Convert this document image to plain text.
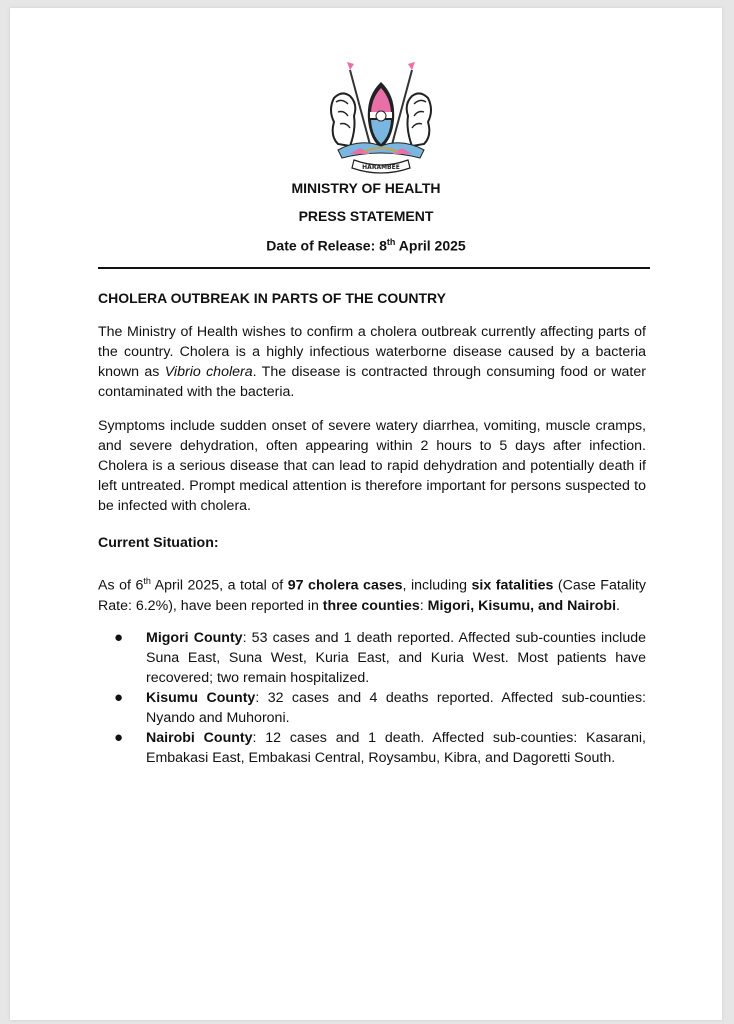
HARAMBEE
MINISTRY OF HEALTH
PRESS STATEMENT
Date of Release: 8th April 2025
CHOLERA OUTBREAK IN PARTS OF THE COUNTRY
The Ministry of Health wishes to confirm a cholera outbreak currently affecting parts of the country. Cholera is a highly infectious waterborne disease caused by a bacteria known as Vibrio cholera. The disease is contracted through consuming food or water contaminated with the bacteria.
Symptoms include sudden onset of severe watery diarrhea, vomiting, muscle cramps, and severe dehydration, often appearing within 2 hours to 5 days after infection. Cholera is a serious disease that can lead to rapid dehydration and potentially death if left untreated. Prompt medical attention is therefore important for persons suspected to be infected with cholera.
Current Situation:
As of 6th April 2025, a total of 97 cholera cases, including six fatalities (Case Fatality Rate: 6.2%), have been reported in three counties: Migori, Kisumu, and Nairobi.
● Migori County: 53 cases and 1 death reported. Affected sub-counties include Suna East, Suna West, Kuria East, and Kuria West. Most patients have recovered; two remain hospitalized.
● Kisumu County: 32 cases and 4 deaths reported. Affected sub-counties: Nyando and Muhoroni.
● Nairobi County: 12 cases and 1 death. Affected sub-counties: Kasarani, Embakasi East, Embakasi Central, Roysambu, Kibra, and Dagoretti South.
